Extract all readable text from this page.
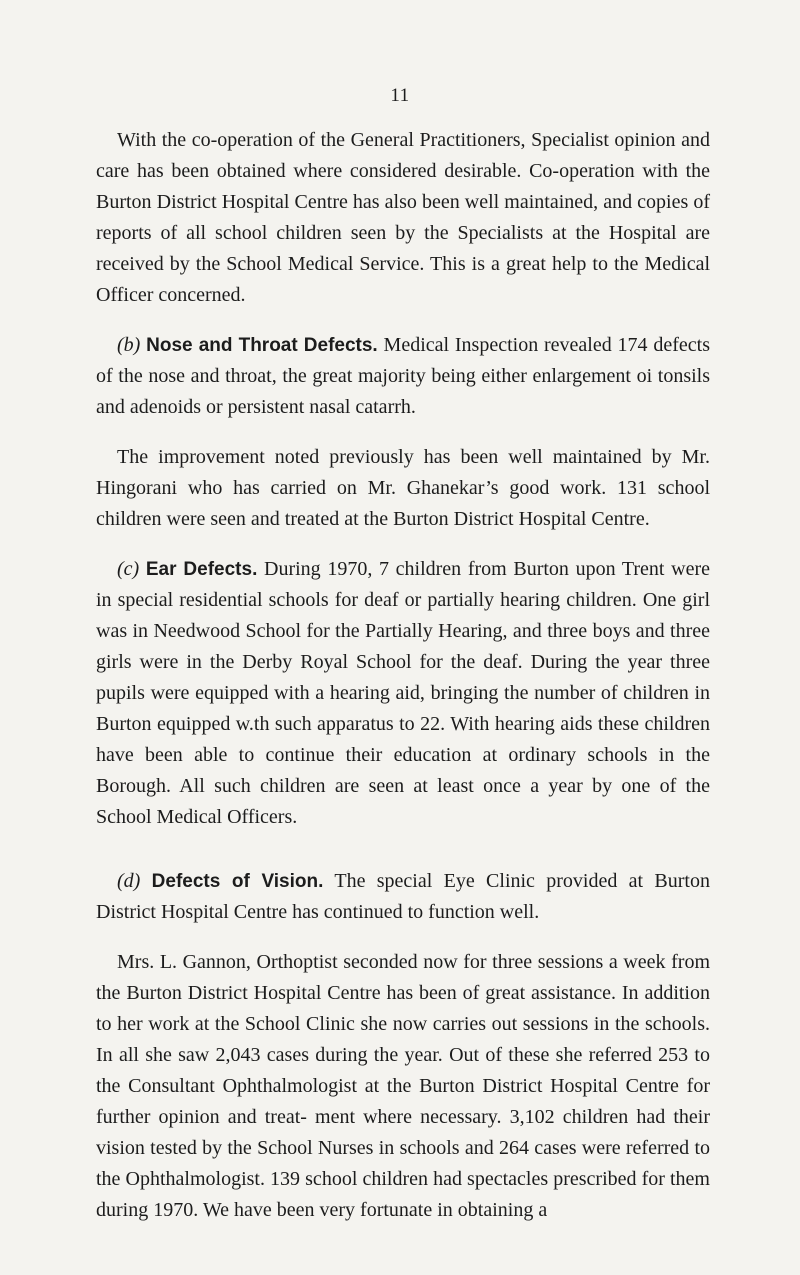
11

With the co-operation of the General Practitioners, Specialist opinion and care has been obtained where considered desirable. Co-operation with the Burton District Hospital Centre has also been well maintained, and copies of reports of all school children seen by the Specialists at the Hospital are received by the School Medical Service. This is a great help to the Medical Officer concerned.

(b) Nose and Throat Defects. Medical Inspection revealed 174 defects of the nose and throat, the great majority being either enlargement oi tonsils and adenoids or persistent nasal catarrh.

The improvement noted previously has been well maintained by Mr. Hingorani who has carried on Mr. Ghanekar’s good work. 131 school children were seen and treated at the Burton District Hospital Centre.

(c) Ear Defects. During 1970, 7 children from Burton upon Trent were in special residential schools for deaf or partially hearing children. One girl was in Needwood School for the Partially Hearing, and three boys and three girls were in the Derby Royal School for the deaf. During the year three pupils were equipped with a hearing aid, bringing the number of children in Burton equipped w.th such apparatus to 22. With hearing aids these children have been able to continue their education at ordinary schools in the Borough. All such children are seen at least once a year by one of the School Medical Officers.

(d) Defects of Vision. The special Eye Clinic provided at Burton District Hospital Centre has continued to function well.

Mrs. L. Gannon, Orthoptist seconded now for three sessions a week from the Burton District Hospital Centre has been of great assistance. In addition to her work at the School Clinic she now carries out sessions in the schools. In all she saw 2,043 cases during the year. Out of these she referred 253 to the Consultant Ophthalmologist at the Burton District Hospital Centre for further opinion and treat- ment where necessary. 3,102 children had their vision tested by the School Nurses in schools and 264 cases were referred to the Ophthalmologist. 139 school children had spectacles prescribed for them during 1970. We have been very fortunate in obtaining a
